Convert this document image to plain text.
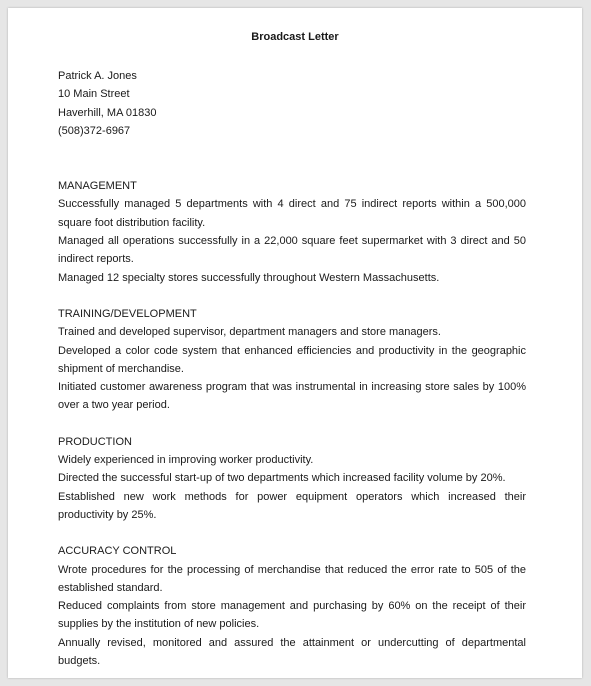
Broadcast Letter
Patrick A. Jones
10 Main Street
Haverhill, MA 01830
(508)372-6967
MANAGEMENT
Successfully managed 5 departments with 4 direct and 75 indirect reports within a 500,000 square foot distribution facility.
Managed all operations successfully in a 22,000 square feet supermarket with 3 direct and 50 indirect reports.
Managed 12 specialty stores successfully throughout Western Massachusetts.
TRAINING/DEVELOPMENT
Trained and developed supervisor, department managers and store managers.
Developed a color code system that enhanced efficiencies and productivity in the geographic shipment of merchandise.
Initiated customer awareness program that was instrumental in increasing store sales by 100% over a two year period.
PRODUCTION
Widely experienced in improving worker productivity.
Directed the successful start-up of two departments which increased facility volume by 20%.
Established new work methods for power equipment operators which increased their productivity by 25%.
ACCURACY CONTROL
Wrote procedures for the processing of merchandise that reduced the error rate to 505 of the established standard.
Reduced complaints from store management and purchasing by 60% on the receipt of their supplies by the institution of new policies.
Annually revised, monitored and assured the attainment or undercutting of departmental budgets.
